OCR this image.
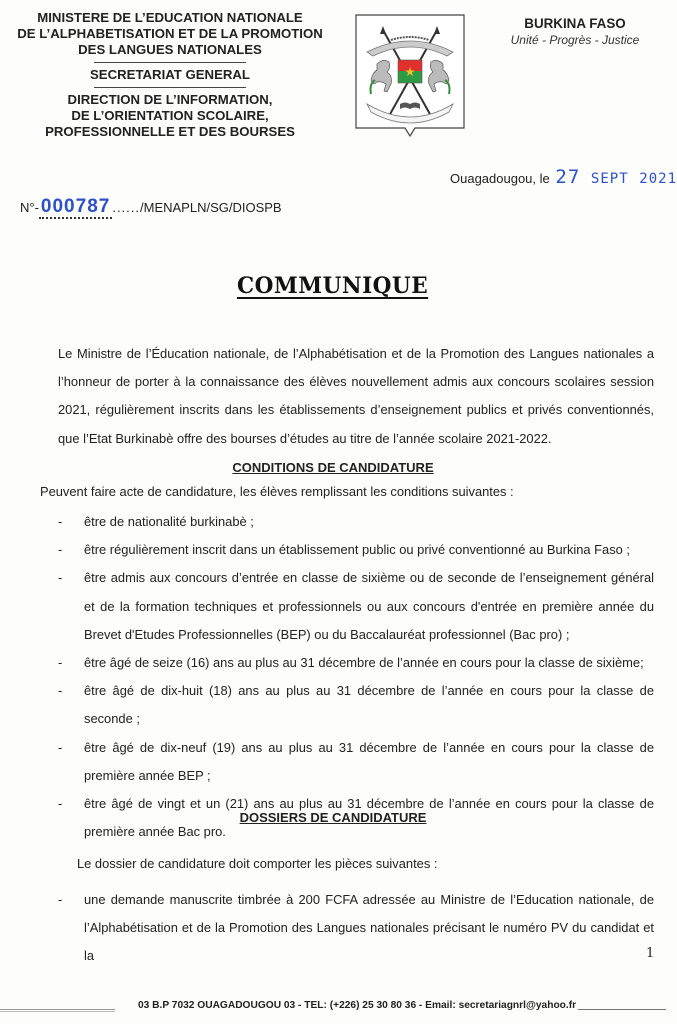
MINISTERE DE L’EDUCATION NATIONALE
DE L’ALPHABETISATION ET DE LA PROMOTION
DES LANGUES NATIONALES
SECRETARIAT GENERAL
DIRECTION DE L’INFORMATION,
DE L’ORIENTATION SCOLAIRE,
PROFESSIONNELLE ET DES BOURSES
BURKINA FASO
Unité - Progrès - Justice
Ouagadougou, le 27 SEPT 2021
N°- 000787 ....../MENAPLN/SG/DIOSPB
COMMUNIQUE
Le Ministre de l’Éducation nationale, de l’Alphabétisation et de la Promotion des Langues nationales a l’honneur de porter à la connaissance des élèves nouvellement admis aux concours scolaires session 2021, régulièrement inscrits dans les établissements d’enseignement publics et privés conventionnés, que l’Etat Burkinabè offre des bourses d’études au titre de l’année scolaire 2021-2022.
CONDITIONS DE CANDIDATURE
Peuvent faire acte de candidature, les élèves remplissant les conditions suivantes :
- être de nationalité burkinabè ;
- être régulièrement inscrit dans un établissement public ou privé conventionné au Burkina Faso ;
- être admis aux concours d’entrée en classe de sixième ou de seconde de l’enseignement général et de la formation techniques et professionnels ou aux concours d'entrée en première année du Brevet d'Etudes Professionnelles (BEP) ou du Baccalauréat professionnel (Bac pro) ;
- être âgé de seize (16) ans au plus au 31 décembre de l’année en cours pour la classe de sixième;
- être âgé de dix-huit (18) ans au plus au 31 décembre de l’année en cours pour la classe de seconde ;
- être âgé de dix-neuf (19) ans au plus au 31 décembre de l’année en cours pour la classe de première année BEP ;
- être âgé de vingt et un (21) ans au plus au 31 décembre de l’année en cours pour la classe de première année Bac pro.
DOSSIERS DE CANDIDATURE
Le dossier de candidature doit comporter les pièces suivantes :
- une demande manuscrite timbrée à 200 FCFA adressée au Ministre de l’Education nationale, de l’Alphabétisation et de la Promotion des Langues nationales précisant le numéro PV du candidat et la	1
03 B.P 7032 OUAGADOUGOU 03 - TEL: (+226) 25 30 80 36 - Email: secretariagnrl@yahoo.fr
